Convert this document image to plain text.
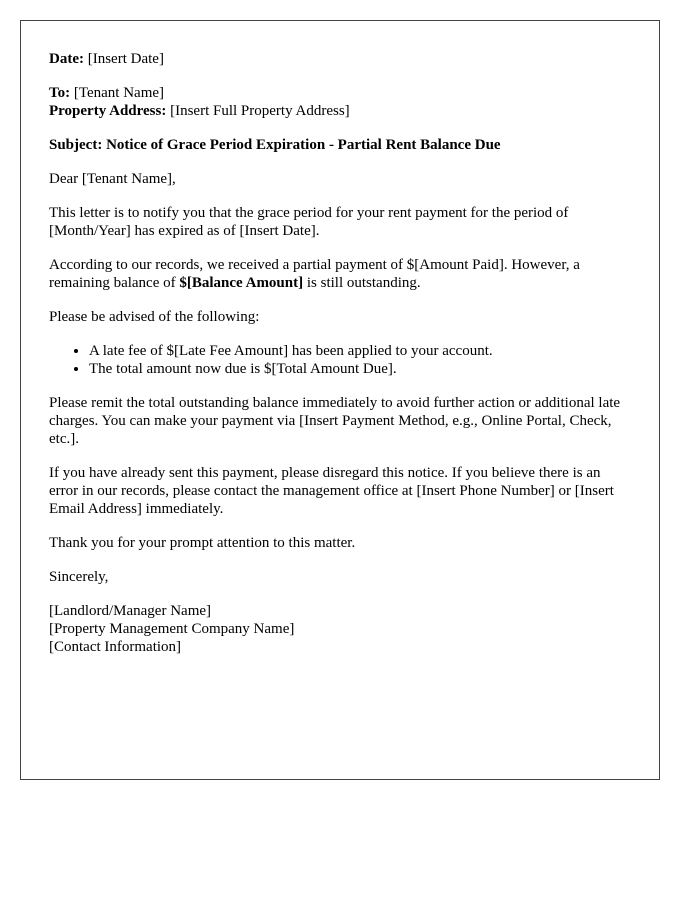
Date: [Insert Date]

To: [Tenant Name]
Property Address: [Insert Full Property Address]

Subject: Notice of Grace Period Expiration - Partial Rent Balance Due

Dear [Tenant Name],

This letter is to notify you that the grace period for your rent payment for the period of [Month/Year] has expired as of [Insert Date].

According to our records, we received a partial payment of $[Amount Paid]. However, a remaining balance of $[Balance Amount] is still outstanding.

Please be advised of the following:

• A late fee of $[Late Fee Amount] has been applied to your account.
• The total amount now due is $[Total Amount Due].

Please remit the total outstanding balance immediately to avoid further action or additional late charges. You can make your payment via [Insert Payment Method, e.g., Online Portal, Check, etc.].

If you have already sent this payment, please disregard this notice. If you believe there is an error in our records, please contact the management office at [Insert Phone Number] or [Insert Email Address] immediately.

Thank you for your prompt attention to this matter.

Sincerely,

[Landlord/Manager Name]
[Property Management Company Name]
[Contact Information]
